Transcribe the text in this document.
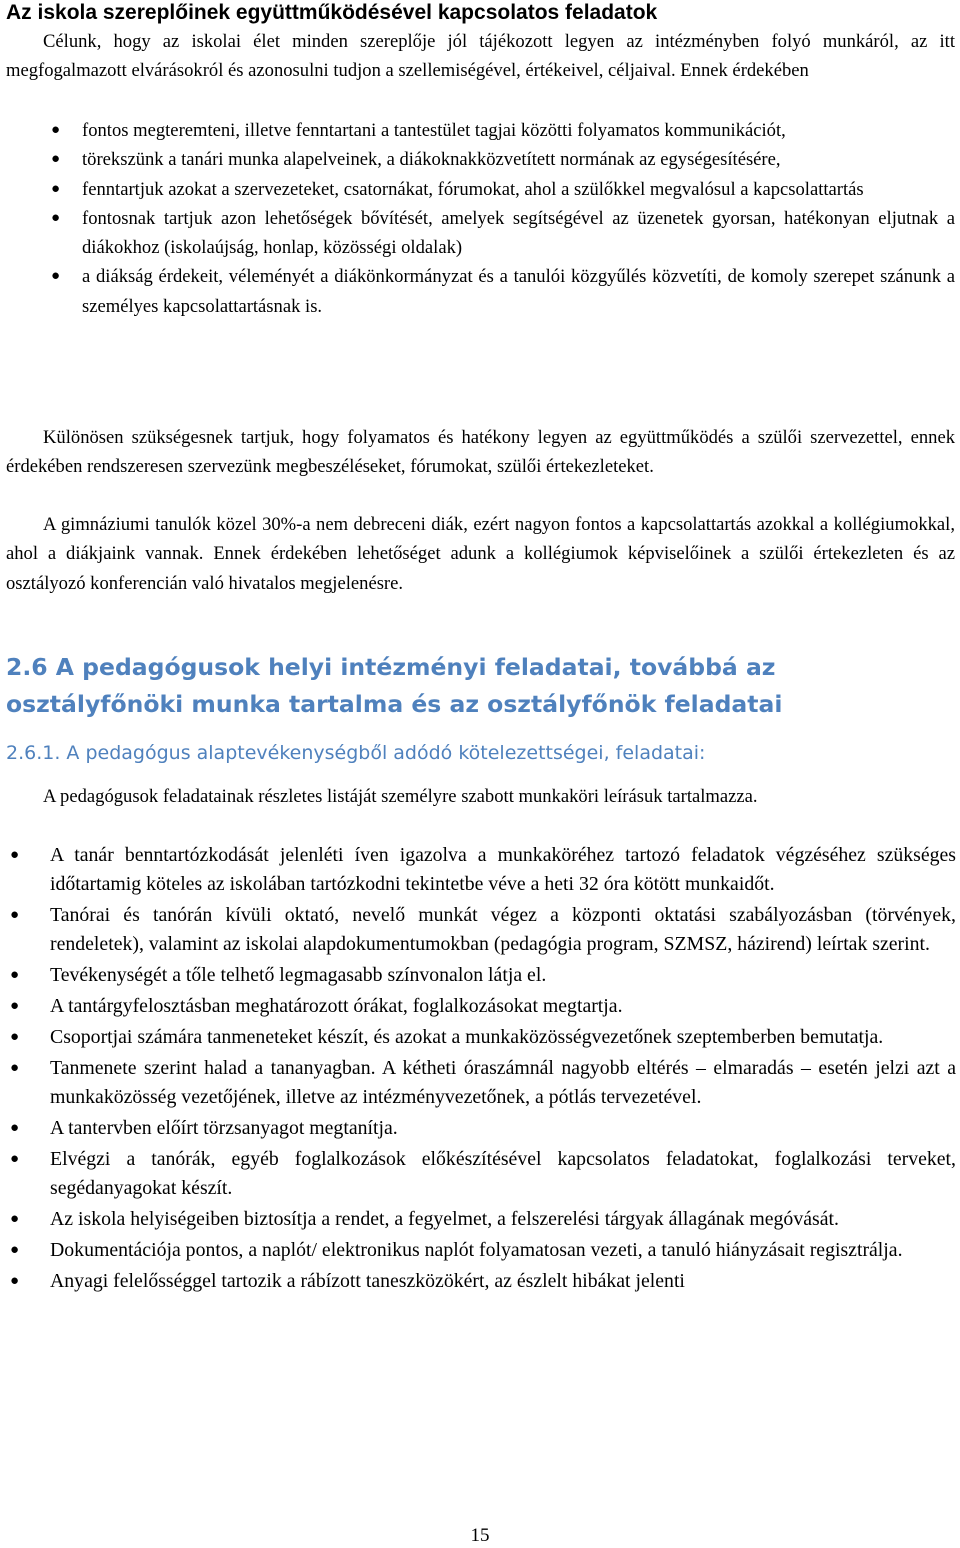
Az iskola szereplőinek együttműködésével kapcsolatos feladatok

Célunk, hogy az iskolai élet minden szereplője jól tájékozott legyen az intézményben folyó munkáról, az itt megfogalmazott elvárásokról és azonosulni tudjon a szellemiségével, értékeivel, céljaival. Ennek érdekében

● fontos megteremteni, illetve fenntartani a tantestület tagjai közötti folyamatos kommunikációt,
● törekszünk a tanári munka alapelveinek, a diákoknakközvetített normának az egységesítésére,
● fenntartjuk azokat a szervezeteket, csatornákat, fórumokat, ahol a szülőkkel megvalósul a kapcsolattartás
● fontosnak tartjuk azon lehetőségek bővítését, amelyek segítségével az üzenetek gyorsan, hatékonyan eljutnak a diákokhoz (iskolaújság, honlap, közösségi oldalak)
● a diákság érdekeit, véleményét a diákönkormányzat és a tanulói közgyűlés közvetíti, de komoly szerepet szánunk a személyes kapcsolattartásnak is.

Különösen szükségesnek tartjuk, hogy folyamatos és hatékony legyen az együttműködés a szülői szervezettel, ennek érdekében rendszeresen szervezünk megbeszéléseket, fórumokat, szülői értekezleteket.

A gimnáziumi tanulók közel 30%-a nem debreceni diák, ezért nagyon fontos a kapcsolattartás azokkal a kollégiumokkal, ahol a diákjaink vannak. Ennek érdekében lehetőséget adunk a kollégiumok képviselőinek a szülői értekezleten és az osztályozó konferencián való hivatalos megjelenésre.

2.6 A pedagógusok helyi intézményi feladatai, továbbá az osztályfőnöki munka tartalma és az osztályfőnök feladatai
2.6.1. A pedagógus alaptevékenységből adódó kötelezettségei, feladatai:

A pedagógusok feladatainak részletes listáját személyre szabott munkaköri leírásuk tartalmazza.

● A tanár benntartózkodását jelenléti íven igazolva a munkaköréhez tartozó feladatok végzéséhez szükséges időtartamig köteles az iskolában tartózkodni tekintetbe véve a heti 32 óra kötött munkaidőt.
● Tanórai és tanórán kívüli oktató, nevelő munkát végez a központi oktatási szabályozásban (törvények, rendeletek), valamint az iskolai alapdokumentumokban (pedagógia program, SZMSZ, házirend) leírtak szerint.
● Tevékenységét a tőle telhető legmagasabb színvonalon látja el.
● A tantárgyfelosztásban meghatározott órákat, foglalkozásokat megtartja.
● Csoportjai számára tanmeneteket készít, és azokat a munkaközösségvezetőnek szeptemberben bemutatja.
● Tanmenete szerint halad a tananyagban. A kétheti óraszámnál nagyobb eltérés – elmaradás – esetén jelzi azt a munkaközösség vezetőjének, illetve az intézményvezetőnek, a pótlás tervezetével.
● A tantervben előírt törzsanyagot megtanítja.
● Elvégzi a tanórák, egyéb foglalkozások előkészítésével kapcsolatos feladatokat, foglalkozási terveket, segédanyagokat készít.
● Az iskola helyiségeiben biztosítja a rendet, a fegyelmet, a felszerelési tárgyak állagának megóvását.
● Dokumentációja pontos, a naplót/ elektronikus naplót folyamatosan vezeti, a tanuló hiányzásait regisztrálja.
● Anyagi felelősséggel tartozik a rábízott taneszközökért, az észlelt hibákat jelenti
15
